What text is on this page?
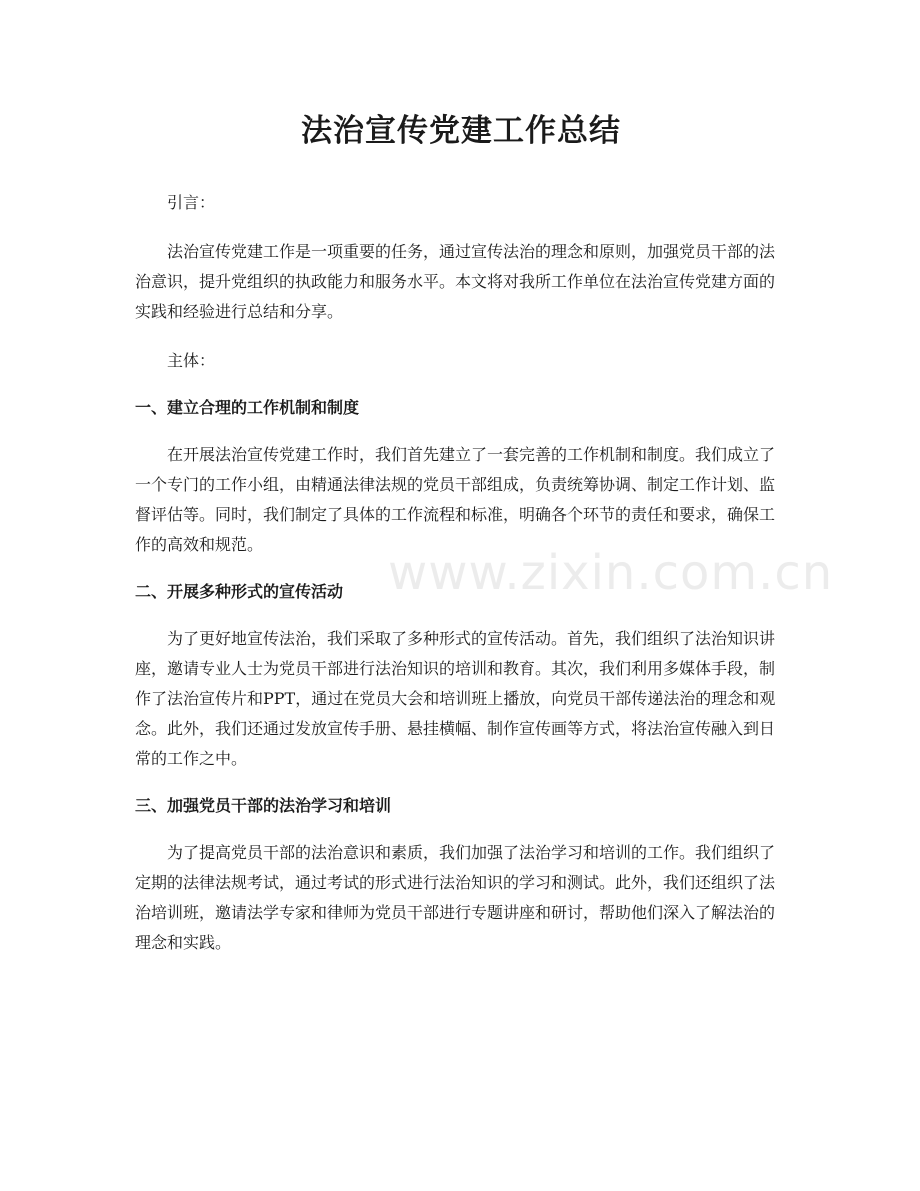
法治宣传党建工作总结

引言：

法治宣传党建工作是一项重要的任务，通过宣传法治的理念和原则，加强党员干部的法治意识，提升党组织的执政能力和服务水平。本文将对我所工作单位在法治宣传党建方面的实践和经验进行总结和分享。

主体：

一、建立合理的工作机制和制度

在开展法治宣传党建工作时，我们首先建立了一套完善的工作机制和制度。我们成立了一个专门的工作小组，由精通法律法规的党员干部组成，负责统筹协调、制定工作计划、监督评估等。同时，我们制定了具体的工作流程和标准，明确各个环节的责任和要求，确保工作的高效和规范。

二、开展多种形式的宣传活动

为了更好地宣传法治，我们采取了多种形式的宣传活动。首先，我们组织了法治知识讲座，邀请专业人士为党员干部进行法治知识的培训和教育。其次，我们利用多媒体手段，制作了法治宣传片和PPT，通过在党员大会和培训班上播放，向党员干部传递法治的理念和观念。此外，我们还通过发放宣传手册、悬挂横幅、制作宣传画等方式，将法治宣传融入到日常的工作之中。

三、加强党员干部的法治学习和培训

为了提高党员干部的法治意识和素质，我们加强了法治学习和培训的工作。我们组织了定期的法律法规考试，通过考试的形式进行法治知识的学习和测试。此外，我们还组织了法治培训班，邀请法学专家和律师为党员干部进行专题讲座和研讨，帮助他们深入了解法治的理念和实践。

www.zixin.com.cn
